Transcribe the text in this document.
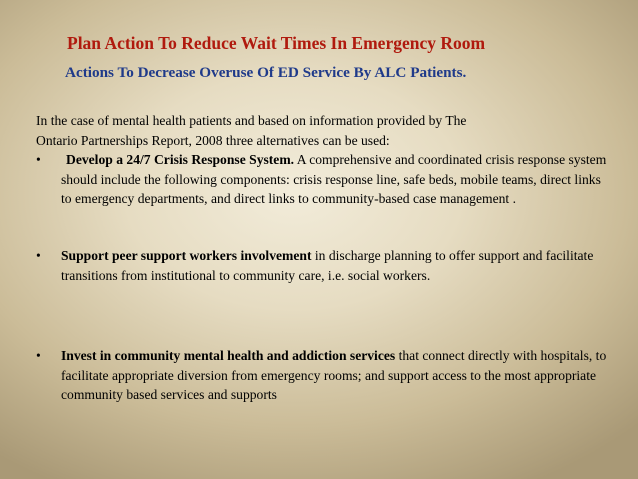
Plan Action To Reduce Wait Times In Emergency Room
Actions To Decrease Overuse Of ED Service By ALC Patients.
In the case of mental health patients and based on information provided by The
Ontario Partnerships Report, 2008 three alternatives can be used:
•	Develop a 24/7 Crisis Response System. A comprehensive and coordinated crisis response system should include the following components: crisis response line, safe beds, mobile teams, direct links to emergency departments, and direct links to community-based case management .
•	Support peer support workers involvement in discharge planning to offer support and facilitate transitions from institutional to community care, i.e. social workers.
•	Invest in community mental health and addiction services that connect directly with hospitals, to facilitate appropriate diversion from emergency rooms; and support access to the most appropriate community based services and supports
